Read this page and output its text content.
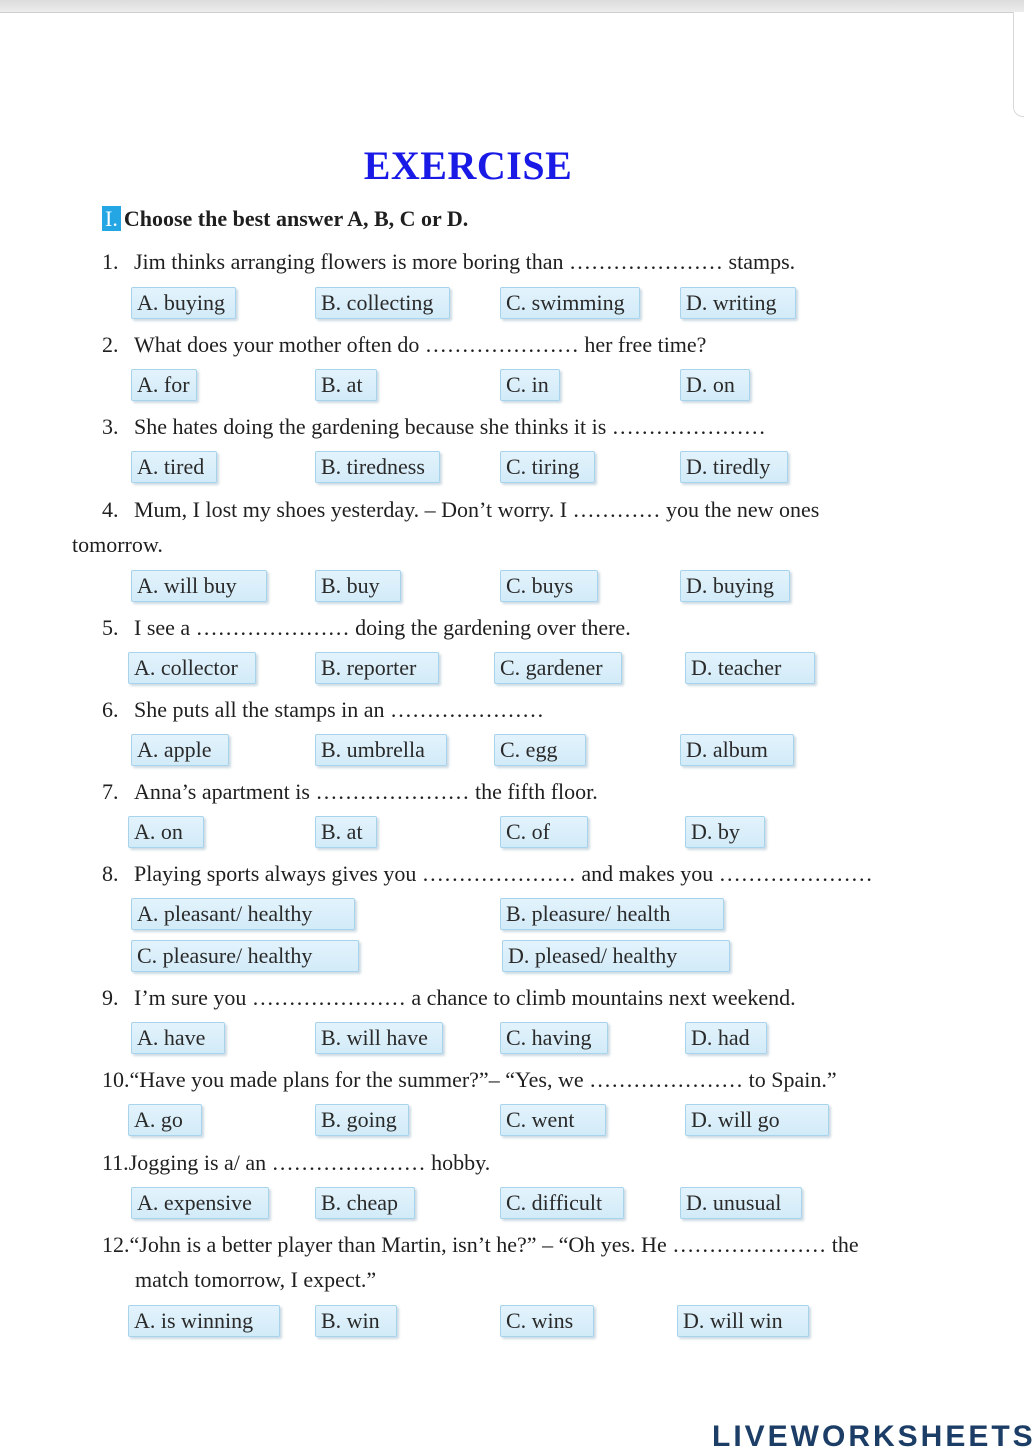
EXERCISE
I. Choose the best answer A, B, C or D.
1. Jim thinks arranging flowers is more boring than ………………… stamps.
A. buying	B. collecting	C. swimming	D. writing
2. What does your mother often do ………………… her free time?
A. for	B. at	C. in	D. on
3. She hates doing the gardening because she thinks it is …………………
A. tired	B. tiredness	C. tiring	D. tiredly
4. Mum, I lost my shoes yesterday. – Don’t worry. I ………… you the new ones
tomorrow.
A. will buy	B. buy	C. buys	D. buying
5. I see a ………………… doing the gardening over there.
A. collector	B. reporter	C. gardener	D. teacher
6. She puts all the stamps in an …………………
A. apple	B. umbrella	C. egg	D. album
7. Anna’s apartment is ………………… the fifth floor.
A. on	B. at	C. of	D. by
8. Playing sports always gives you ………………… and makes you …………………
A. pleasant/ healthy	B. pleasure/ health
C. pleasure/ healthy	D. pleased/ healthy
9. I’m sure you ………………… a chance to climb mountains next weekend.
A. have	B. will have	C. having	D. had
10.“Have you made plans for the summer?”– “Yes, we ………………… to Spain.”
A. go	B. going	C. went	D. will go
11.Jogging is a/ an ………………… hobby.
A. expensive	B. cheap	C. difficult	D. unusual
12.“John is a better player than Martin, isn’t he?” – “Oh yes. He ………………… the
match tomorrow, I expect.”
A. is winning	B. win	C. wins	D. will win
LIVEWORKSHEETS
